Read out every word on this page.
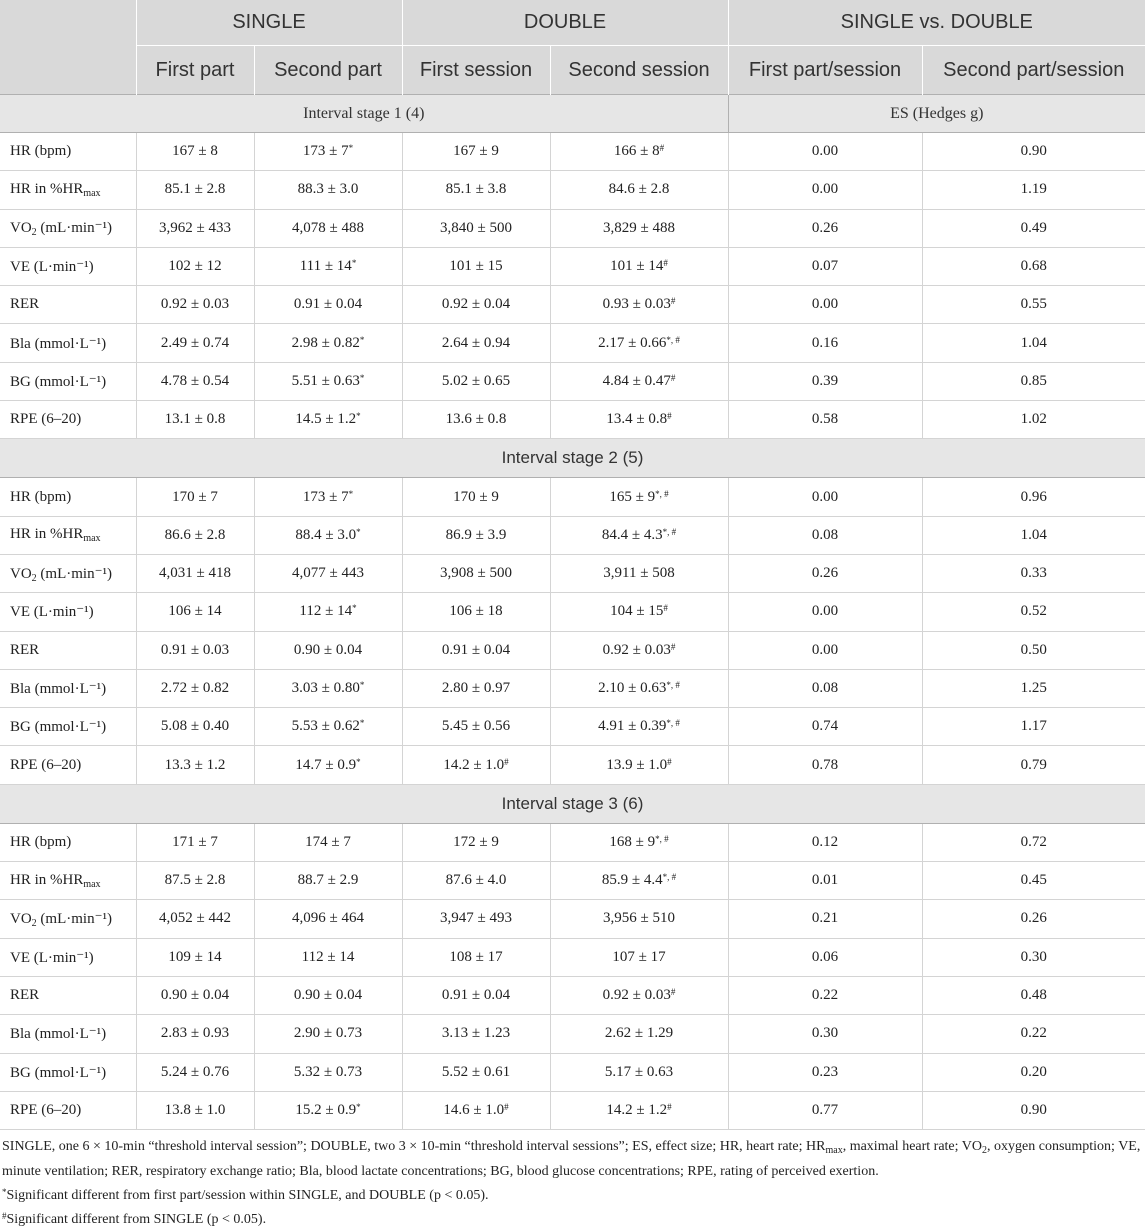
	SINGLE		DOUBLE		SINGLE vs. DOUBLE	
	First part	Second part	First session	Second session	First part/session	Second part/session
Interval stage 1 (4)					ES (Hedges g)	
HR (bpm)	167 ± 8	173 ± 7*	167 ± 9	166 ± 8#	0.00	0.90
HR in $\%HR_{max}$	85.1 ± 2.8	88.3 ± 3.0	85.1 ± 3.8	84.6 ± 2.8	0.00	1.19
$VO_2$ (mL·min⁻¹)	3,962 ± 433	4,078 ± 488	3,840 ± 500	3,829 ± 488	0.26	0.49
VE (L·min⁻¹)	102 ± 12	111 ± 14*	101 ± 15	101 ± 14#	0.07	0.68
RER	0.92 ± 0.03	0.91 ± 0.04	0.92 ± 0.04	0.93 ± 0.03#	0.00	0.55
Bla (mmol·L⁻¹)	2.49 ± 0.74	2.98 ± 0.82*	2.64 ± 0.94	2.17 ± 0.66*, #	0.16	1.04
BG (mmol·L⁻¹)	4.78 ± 0.54	5.51 ± 0.63*	5.02 ± 0.65	4.84 ± 0.47#	0.39	0.85
RPE (6–20)	13.1 ± 0.8	14.5 ± 1.2*	13.6 ± 0.8	13.4 ± 0.8#	0.58	1.02
Interval stage 2 (5)						
HR (bpm)	170 ± 7	173 ± 7*	170 ± 9	165 ± 9*, #	0.00	0.96
HR in $\%HR_{max}$	86.6 ± 2.8	88.4 ± 3.0*	86.9 ± 3.9	84.4 ± 4.3*, #	0.08	1.04
$VO_2$ (mL·min⁻¹)	4,031 ± 418	4,077 ± 443	3,908 ± 500	3,911 ± 508	0.26	0.33
VE (L·min⁻¹)	106 ± 14	112 ± 14*	106 ± 18	104 ± 15#	0.00	0.52
RER	0.91 ± 0.03	0.90 ± 0.04	0.91 ± 0.04	0.92 ± 0.03#	0.00	0.50
Bla (mmol·L⁻¹)	2.72 ± 0.82	3.03 ± 0.80*	2.80 ± 0.97	2.10 ± 0.63*, #	0.08	1.25
BG (mmol·L⁻¹)	5.08 ± 0.40	5.53 ± 0.62*	5.45 ± 0.56	4.91 ± 0.39*, #	0.74	1.17
RPE (6–20)	13.3 ± 1.2	14.7 ± 0.9*	14.2 ± 1.0#	13.9 ± 1.0#	0.78	0.79
Interval stage 3 (6)						
HR (bpm)	171 ± 7	174 ± 7	172 ± 9	168 ± 9*, #	0.12	0.72
HR in $\%HR_{max}$	87.5 ± 2.8	88.7 ± 2.9	87.6 ± 4.0	85.9 ± 4.4*, #	0.01	0.45
$VO_2$ (mL·min⁻¹)	4,052 ± 442	4,096 ± 464	3,947 ± 493	3,956 ± 510	0.21	0.26
VE (L·min⁻¹)	109 ± 14	112 ± 14	108 ± 17	107 ± 17	0.06	0.30
RER	0.90 ± 0.04	0.90 ± 0.04	0.91 ± 0.04	0.92 ± 0.03#	0.22	0.48
Bla (mmol·L⁻¹)	2.83 ± 0.93	2.90 ± 0.73	3.13 ± 1.23	2.62 ± 1.29	0.30	0.22
BG (mmol·L⁻¹)	5.24 ± 0.76	5.32 ± 0.73	5.52 ± 0.61	5.17 ± 0.63	0.23	0.20
RPE (6–20)	13.8 ± 1.0	15.2 ± 0.9*	14.6 ± 1.0#	14.2 ± 1.2#	0.77	0.90

SINGLE, one 6 × 10-min “threshold interval session”; DOUBLE, two 3 × 10-min “threshold interval sessions”; ES, effect size; HR, heart rate; $HR_{max}$, maximal heart rate; $VO_2$, oxygen consumption; VE, minute ventilation; RER, respiratory exchange ratio; Bla, blood lactate concentrations; BG, blood glucose concentrations; RPE, rating of perceived exertion.

*Significant different from first part/session within SINGLE, and DOUBLE (p < 0.05).

#Significant different from SINGLE (p < 0.05).
